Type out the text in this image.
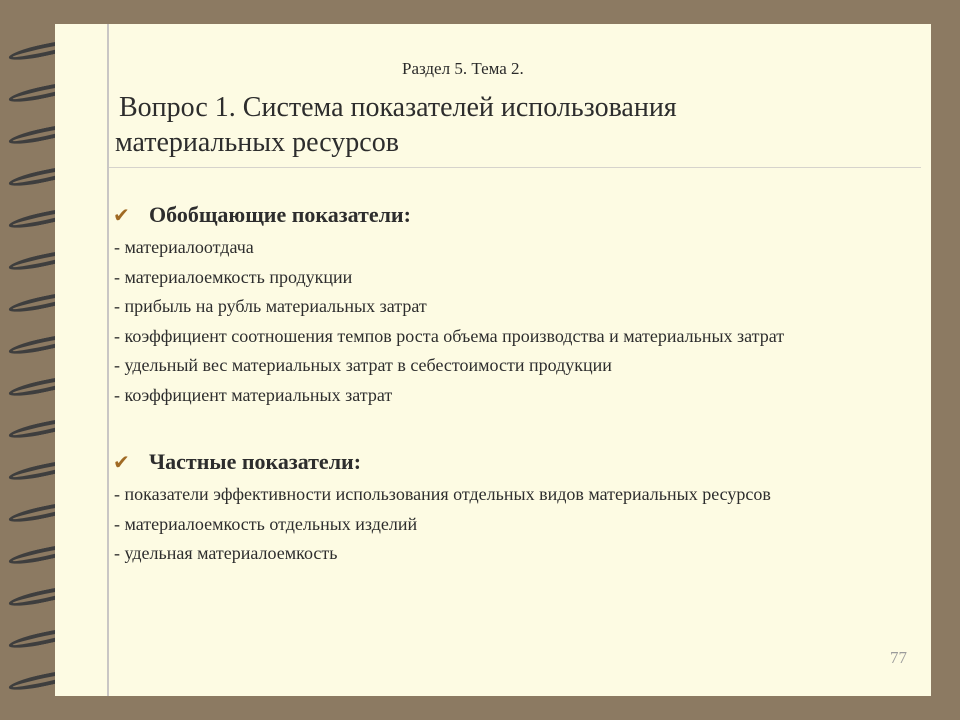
Раздел 5. Тема 2.
Вопрос 1. Система показателей использования
материальных ресурсов
✔ Обобщающие показатели:
- материалоотдача
- материалоемкость продукции
- прибыль на рубль материальных затрат
- коэффициент соотношения темпов роста объема производства и материальных затрат
- удельный вес материальных затрат в себестоимости продукции
- коэффициент материальных затрат
✔ Частные показатели:
- показатели эффективности использования отдельных видов материальных ресурсов
- материалоемкость отдельных изделий
- удельная материалоемкость
77
